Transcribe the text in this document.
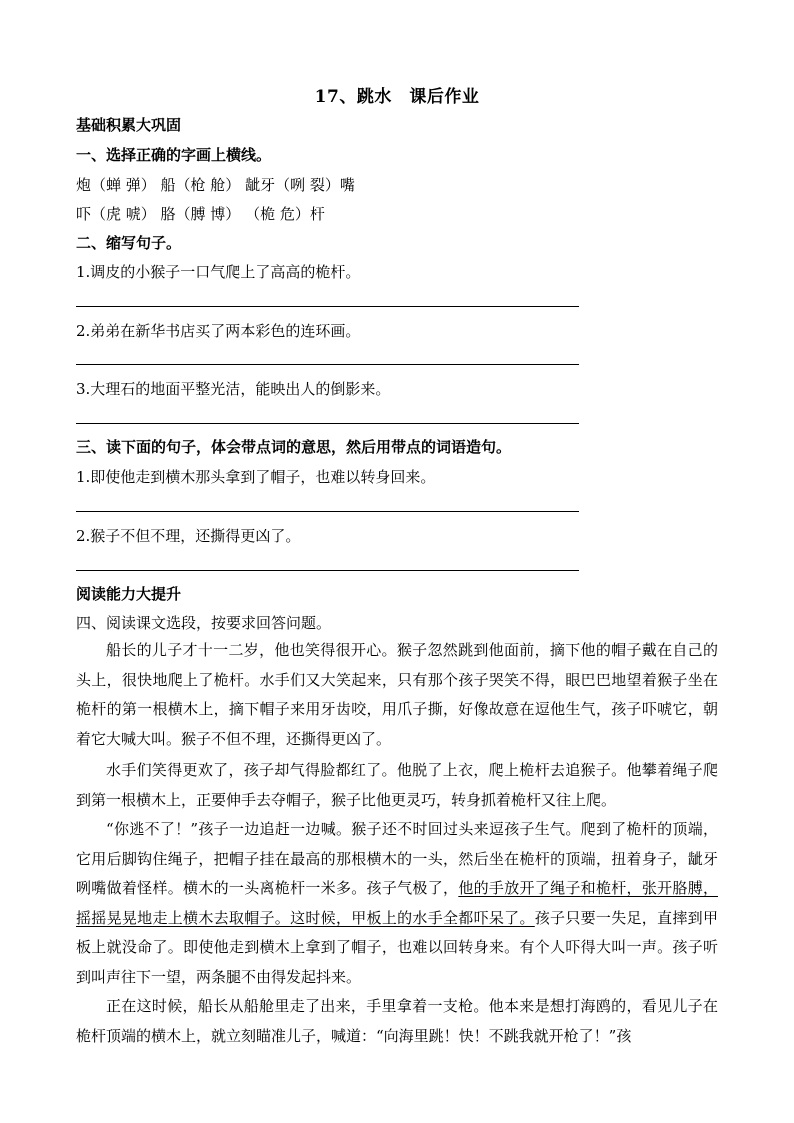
17、跳水　课后作业
基础积累大巩固
一、选择正确的字画上横线。
炮（蝉 弹） 船（枪 舱） 龇牙（咧 裂）嘴
吓（虎 唬） 胳（膊 博） （桅 危）杆
二、缩写句子。
1.调皮的小猴子一口气爬上了高高的桅杆。
2.弟弟在新华书店买了两本彩色的连环画。
3.大理石的地面平整光洁，能映出人的倒影来。
三、读下面的句子，体会带点词的意思，然后用带点的词语造句。
1.即使他走到横木那头拿到了帽子，也难以转身回来。
2.猴子不但不理，还撕得更凶了。
阅读能力大提升
四、阅读课文选段，按要求回答问题。

船长的儿子才十一二岁，他也笑得很开心。猴子忽然跳到他面前，摘下他的帽子戴在自己的头上，很快地爬上了桅杆。水手们又大笑起来，只有那个孩子哭笑不得，眼巴巴地望着猴子坐在桅杆的第一根横木上，摘下帽子来用牙齿咬，用爪子撕，好像故意在逗他生气，孩子吓唬它，朝着它大喊大叫。猴子不但不理，还撕得更凶了。

水手们笑得更欢了，孩子却气得脸都红了。他脱了上衣，爬上桅杆去追猴子。他攀着绳子爬到第一根横木上，正要伸手去夺帽子，猴子比他更灵巧，转身抓着桅杆又往上爬。

“你逃不了！”孩子一边追赶一边喊。猴子还不时回过头来逗孩子生气。爬到了桅杆的顶端，它用后脚钩住绳子，把帽子挂在最高的那根横木的一头，然后坐在桅杆的顶端，扭着身子，龇牙咧嘴做着怪样。横木的一头离桅杆一米多。孩子气极了，他的手放开了绳子和桅杆，张开胳膊，摇摇晃晃地走上横木去取帽子。这时候，甲板上的水手全都吓呆了。孩子只要一失足，直摔到甲板上就没命了。即使他走到横木上拿到了帽子，也难以回转身来。有个人吓得大叫一声。孩子听到叫声往下一望，两条腿不由得发起抖来。

正在这时候，船长从船舱里走了出来，手里拿着一支枪。他本来是想打海鸥的，看见儿子在桅杆顶端的横木上，就立刻瞄准儿子，喊道：“向海里跳！快！不跳我就开枪了！”孩
